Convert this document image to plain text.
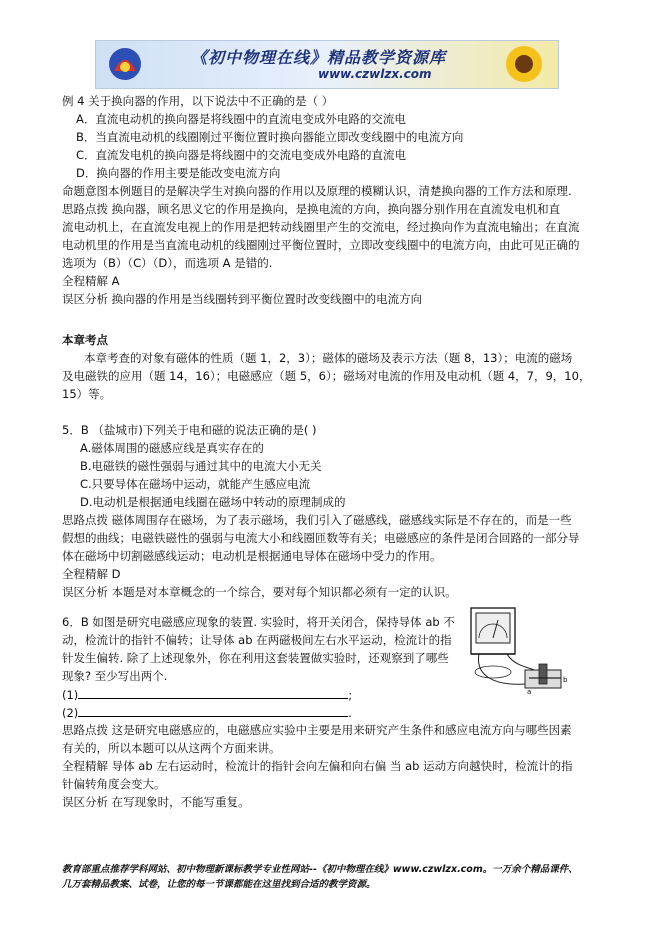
《初中物理在线》精品教学资源库
www.czwlzx.com
例 4 关于换向器的作用，以下说法中不正确的是（ ）
A．直流电动机的换向器是将线圈中的直流电变成外电路的交流电
B．当直流电动机的线圈刚过平衡位置时换向器能立即改变线圈中的电流方向
C．直流发电机的换向器是将线圈中的交流电变成外电路的直流电
D．换向器的作用主要是能改变电流方向
命题意图本例题目的是解决学生对换向器的作用以及原理的模糊认识，清楚换向器的工作方法和原理.
思路点拨 换向器，顾名思义它的作用是换向，是换电流的方向，换向器分别作用在直流发电机和直
流电动机上，在直流发电视上的作用是把转动线圈里产生的交流电，经过换向作为直流电输出；在直流
电动机里的作用是当直流电动机的线圈刚过平衡位置时，立即改变线圈中的电流方向，由此可见正确的
选项为（B）（C）（D），而选项 A 是错的.
全程精解 A
误区分析 换向器的作用是当线圈转到平衡位置时改变线圈中的电流方向
本章考点
本章考查的对象有磁体的性质（题 1，2，3）；磁体的磁场及表示方法（题 8，13）；电流的磁场
及电磁铁的应用（题 14，16）；电磁感应（题 5，6）；磁场对电流的作用及电动机（题 4，7，9，10，
15）等。
5．B （盐城市)下列关于电和磁的说法正确的是( )
A.磁体周围的磁感应线是真实存在的
B.电磁铁的磁性强弱与通过其中的电流大小无关
C.只要导体在磁场中运动，就能产生感应电流
D.电动机是根据通电线圈在磁场中转动的原理制成的
思路点拨 磁体周围存在磁场，为了表示磁场，我们引入了磁感线，磁感线实际是不存在的，而是一些
假想的曲线；电磁铁磁性的强弱与电流大小和线圈匝数等有关；电磁感应的条件是闭合回路的一部分导
体在磁场中切割磁感线运动；电动机是根据通电导体在磁场中受力的作用。
全程精解 D
误区分析 本题是对本章概念的一个综合，要对每个知识都必须有一定的认识。
6．B 如图是研究电磁感应现象的装置. 实验时，将开关闭合，保持导体 ab 不
动，检流计的指针不偏转；让导体 ab 在两磁极间左右水平运动，检流计的指
针发生偏转. 除了上述现象外，你在利用这套装置做实验时，还观察到了哪些
现象? 至少写出两个.
(1)	;
(2)	.
a
b
思路点拨 这是研究电磁感应的，电磁感应实验中主要是用来研究产生条件和感应电流方向与哪些因素
有关的，所以本题可以从这两个方面来讲。
全程精解 导体 ab 左右运动时，检流计的指针会向左偏和向右偏 当 ab 运动方向越快时，检流计的指
针偏转角度会变大。
误区分析 在写现象时，不能写重复。
教育部重点推荐学科网站、初中物理新课标教学专业性网站--《初中物理在线》www.czwlzx.com。一万余个精品课件、
几万套精品教案、试卷，让您的每一节课都能在这里找到合适的教学资源。
